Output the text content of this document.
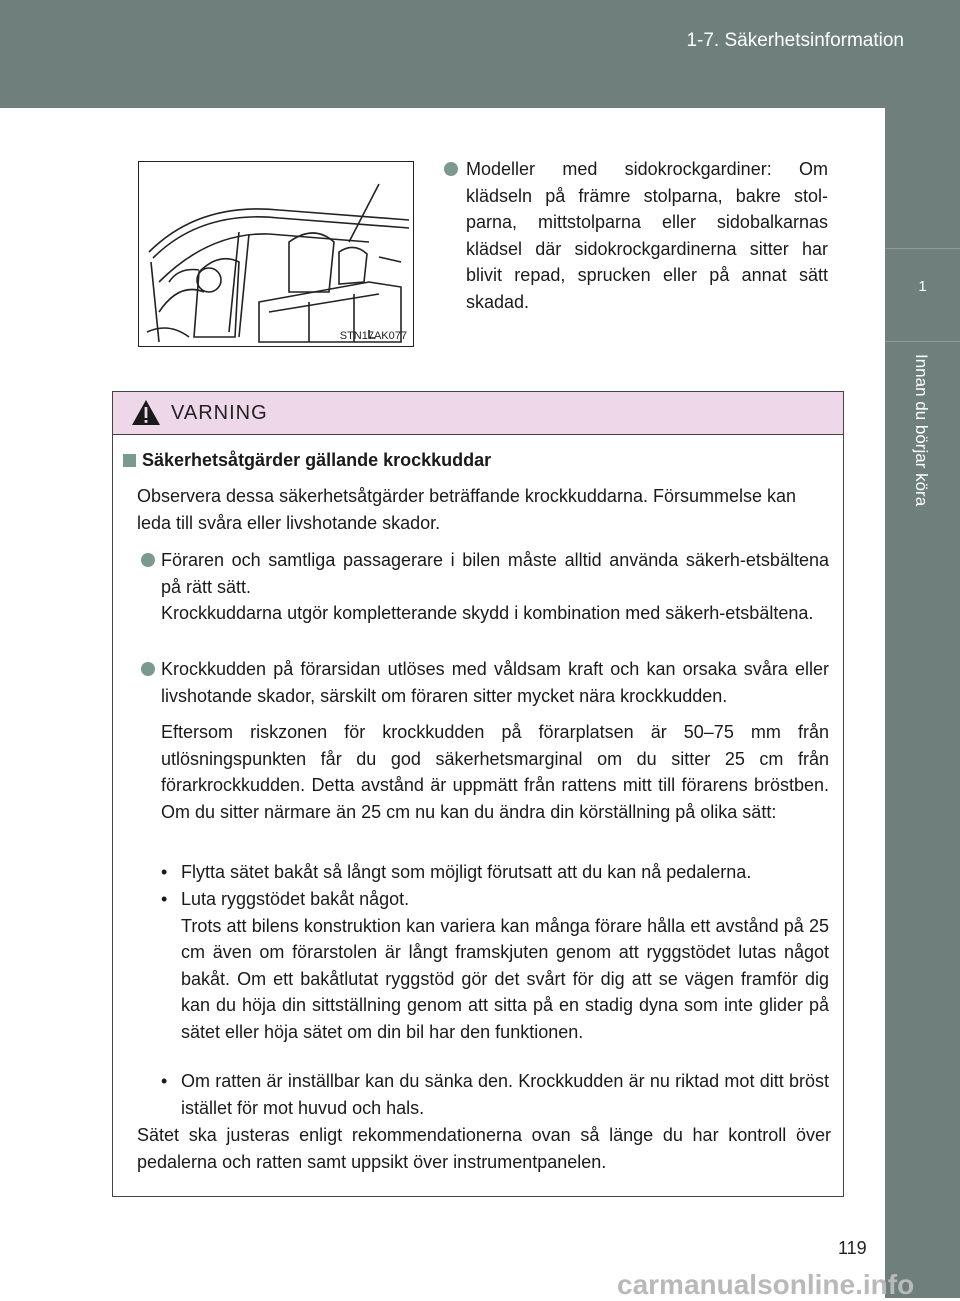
1-7. Säkerhetsinformation
1
Innan du börjar köra
STN17AK077
Modeller med sidokrockgardiner: Om klädseln på främre stolparna, bakre stol-parna, mittstolparna eller sidobalkarnas klädsel där sidokrockgardinerna sitter har blivit repad, sprucken eller på annat sätt skadad.
VARNING
Säkerhetsåtgärder gällande krockkuddar
Observera dessa säkerhetsåtgärder beträffande krockkuddarna. Försummelse kan leda till svåra eller livshotande skador.
Föraren och samtliga passagerare i bilen måste alltid använda säkerh-etsbältena på rätt sätt.
Krockkuddarna utgör kompletterande skydd i kombination med säkerh-etsbältena.
Krockkudden på förarsidan utlöses med våldsam kraft och kan orsaka svåra eller livshotande skador, särskilt om föraren sitter mycket nära krockkudden.
Eftersom riskzonen för krockkudden på förarplatsen är 50–75 mm från utlösningspunkten får du god säkerhetsmarginal om du sitter 25 cm från förarkrockkudden. Detta avstånd är uppmätt från rattens mitt till förarens bröstben. Om du sitter närmare än 25 cm nu kan du ändra din körställning på olika sätt:
• Flytta sätet bakåt så långt som möjligt förutsatt att du kan nå pedalerna.
• Luta ryggstödet bakåt något.
Trots att bilens konstruktion kan variera kan många förare hålla ett avstånd på 25 cm även om förarstolen är långt framskjuten genom att ryggstödet lutas något bakåt. Om ett bakåtlutat ryggstöd gör det svårt för dig att se vägen framför dig kan du höja din sittställning genom att sitta på en stadig dyna som inte glider på sätet eller höja sätet om din bil har den funktionen.
• Om ratten är inställbar kan du sänka den. Krockkudden är nu riktad mot ditt bröst istället för mot huvud och hals.
Sätet ska justeras enligt rekommendationerna ovan så länge du har kontroll över pedalerna och ratten samt uppsikt över instrumentpanelen.
119
carmanualsonline.info
